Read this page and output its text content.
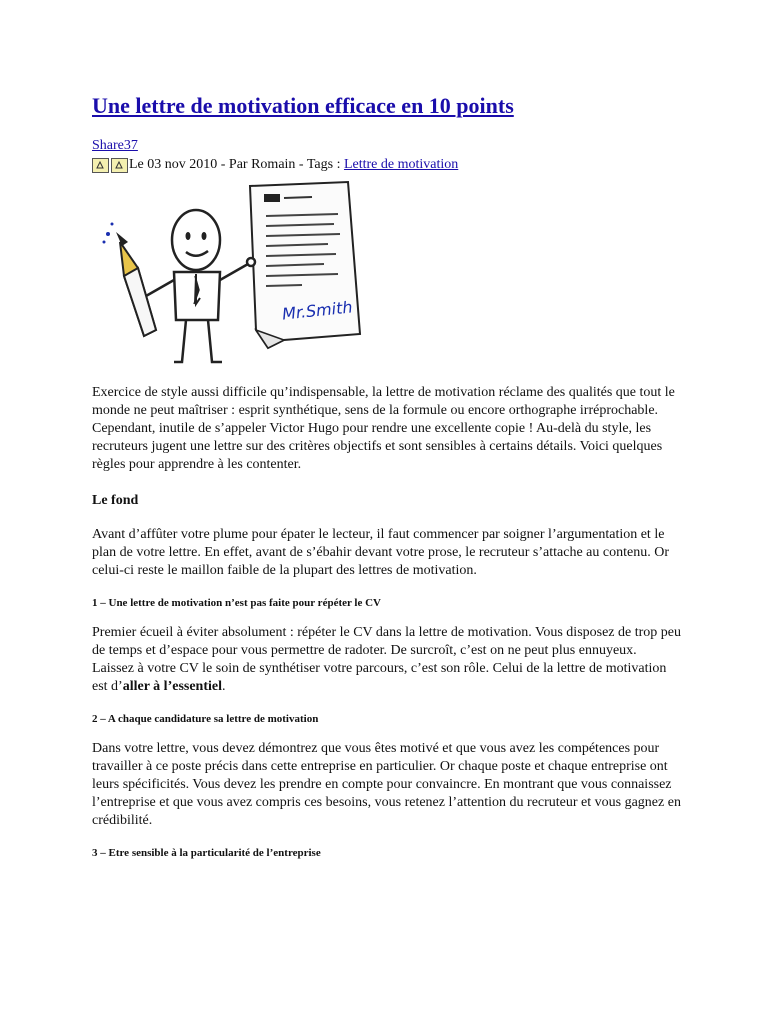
Une lettre de motivation efficace en 10 points
Share37
Le 03 nov 2010 - Par Romain - Tags : Lettre de motivation
Mr.Smith

Exercice de style aussi difficile qu’indispensable, la lettre de motivation réclame des qualités que tout le monde ne peut maîtriser : esprit synthétique, sens de la formule ou encore orthographe irréprochable. Cependant, inutile de s’appeler Victor Hugo pour rendre une excellente copie ! Au-delà du style, les recruteurs jugent une lettre sur des critères objectifs et sont sensibles à certains détails. Voici quelques règles pour apprendre à les contenter.

Le fond

Avant d’affûter votre plume pour épater le lecteur, il faut commencer par soigner l’argumentation et le plan de votre lettre. En effet, avant de s’ébahir devant votre prose, le recruteur s’attache au contenu. Or celui-ci reste le maillon faible de la plupart des lettres de motivation.

1 – Une lettre de motivation n’est pas faite pour répéter le CV

Premier écueil à éviter absolument : répéter le CV dans la lettre de motivation. Vous disposez de trop peu de temps et d’espace pour vous permettre de radoter. De surcroît, c’est on ne peut plus ennuyeux. Laissez à votre CV le soin de synthétiser votre parcours, c’est son rôle. Celui de la lettre de motivation est d’aller à l’essentiel.

2 – A chaque candidature sa lettre de motivation

Dans votre lettre, vous devez démontrez que vous êtes motivé et que vous avez les compétences pour travailler à ce poste précis dans cette entreprise en particulier. Or chaque poste et chaque entreprise ont leurs spécificités. Vous devez les prendre en compte pour convaincre. En montrant que vous connaissez l’entreprise et que vous avez compris ces besoins, vous retenez l’attention du recruteur et vous gagnez en crédibilité.

3 – Etre sensible à la particularité de l’entreprise
